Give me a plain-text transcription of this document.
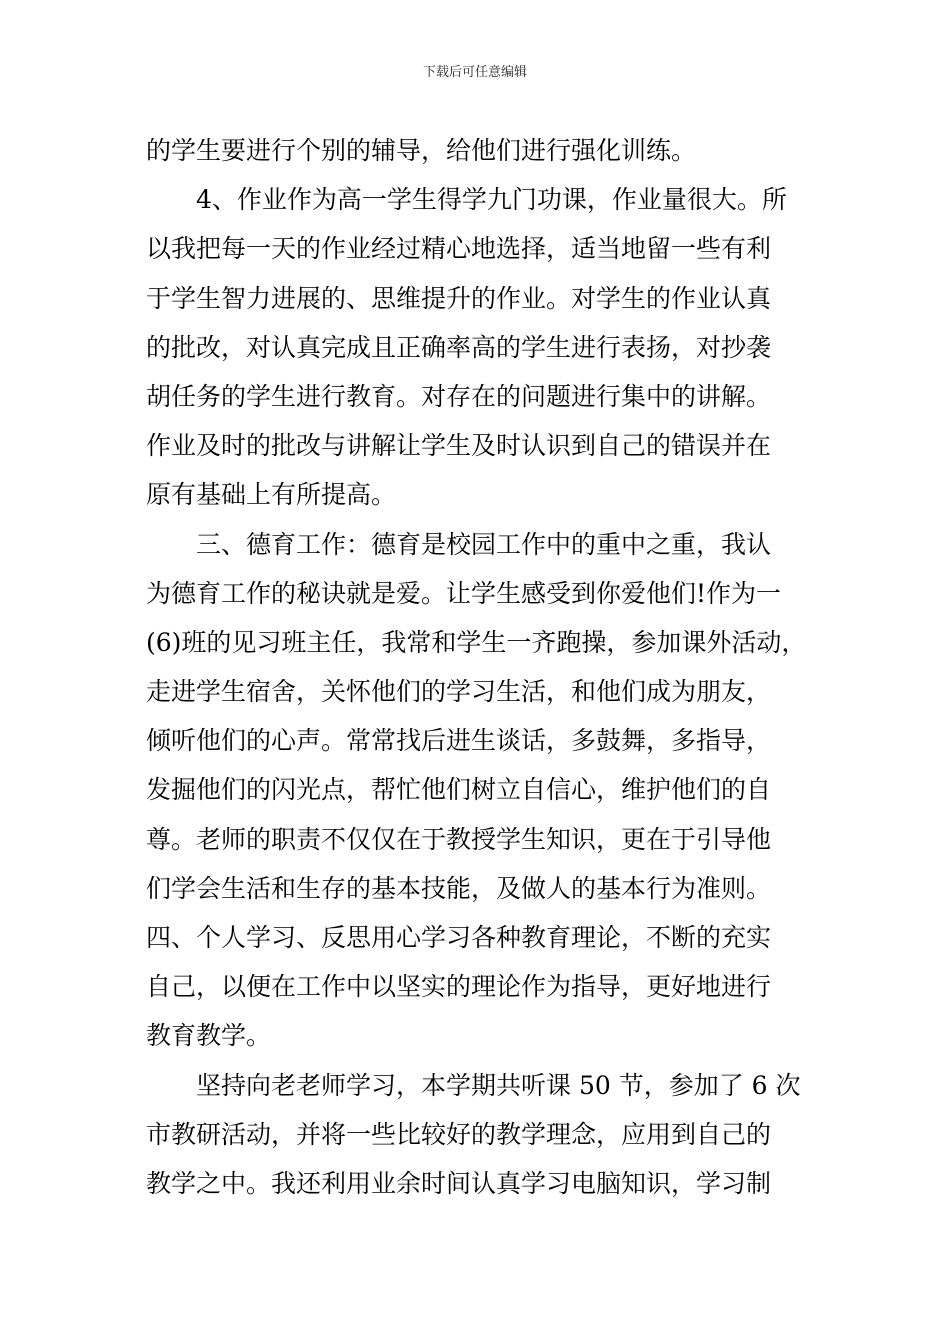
下载后可任意编辑
的学生要进行个别的辅导，给他们进行强化训练。
4、作业作为高一学生得学九门功课，作业量很大。所
以我把每一天的作业经过精心地选择，适当地留一些有利
于学生智力进展的、思维提升的作业。对学生的作业认真
的批改，对认真完成且正确率高的学生进行表扬，对抄袭
胡任务的学生进行教育。对存在的问题进行集中的讲解。
作业及时的批改与讲解让学生及时认识到自己的错误并在
原有基础上有所提高。
三、德育工作：德育是校园工作中的重中之重，我认
为德育工作的秘诀就是爱。让学生感受到你爱他们!作为一
(6)班的见习班主任，我常和学生一齐跑操，参加课外活动，
走进学生宿舍，关怀他们的学习生活，和他们成为朋友，
倾听他们的心声。常常找后进生谈话，多鼓舞，多指导，
发掘他们的闪光点，帮忙他们树立自信心，维护他们的自
尊。老师的职责不仅仅在于教授学生知识，更在于引导他
们学会生活和生存的基本技能，及做人的基本行为准则。
四、个人学习、反思用心学习各种教育理论，不断的充实
自己，以便在工作中以坚实的理论作为指导，更好地进行
教育教学。
坚持向老老师学习，本学期共听课 50 节，参加了 6 次
市教研活动，并将一些比较好的教学理念，应用到自己的
教学之中。我还利用业余时间认真学习电脑知识，学习制
